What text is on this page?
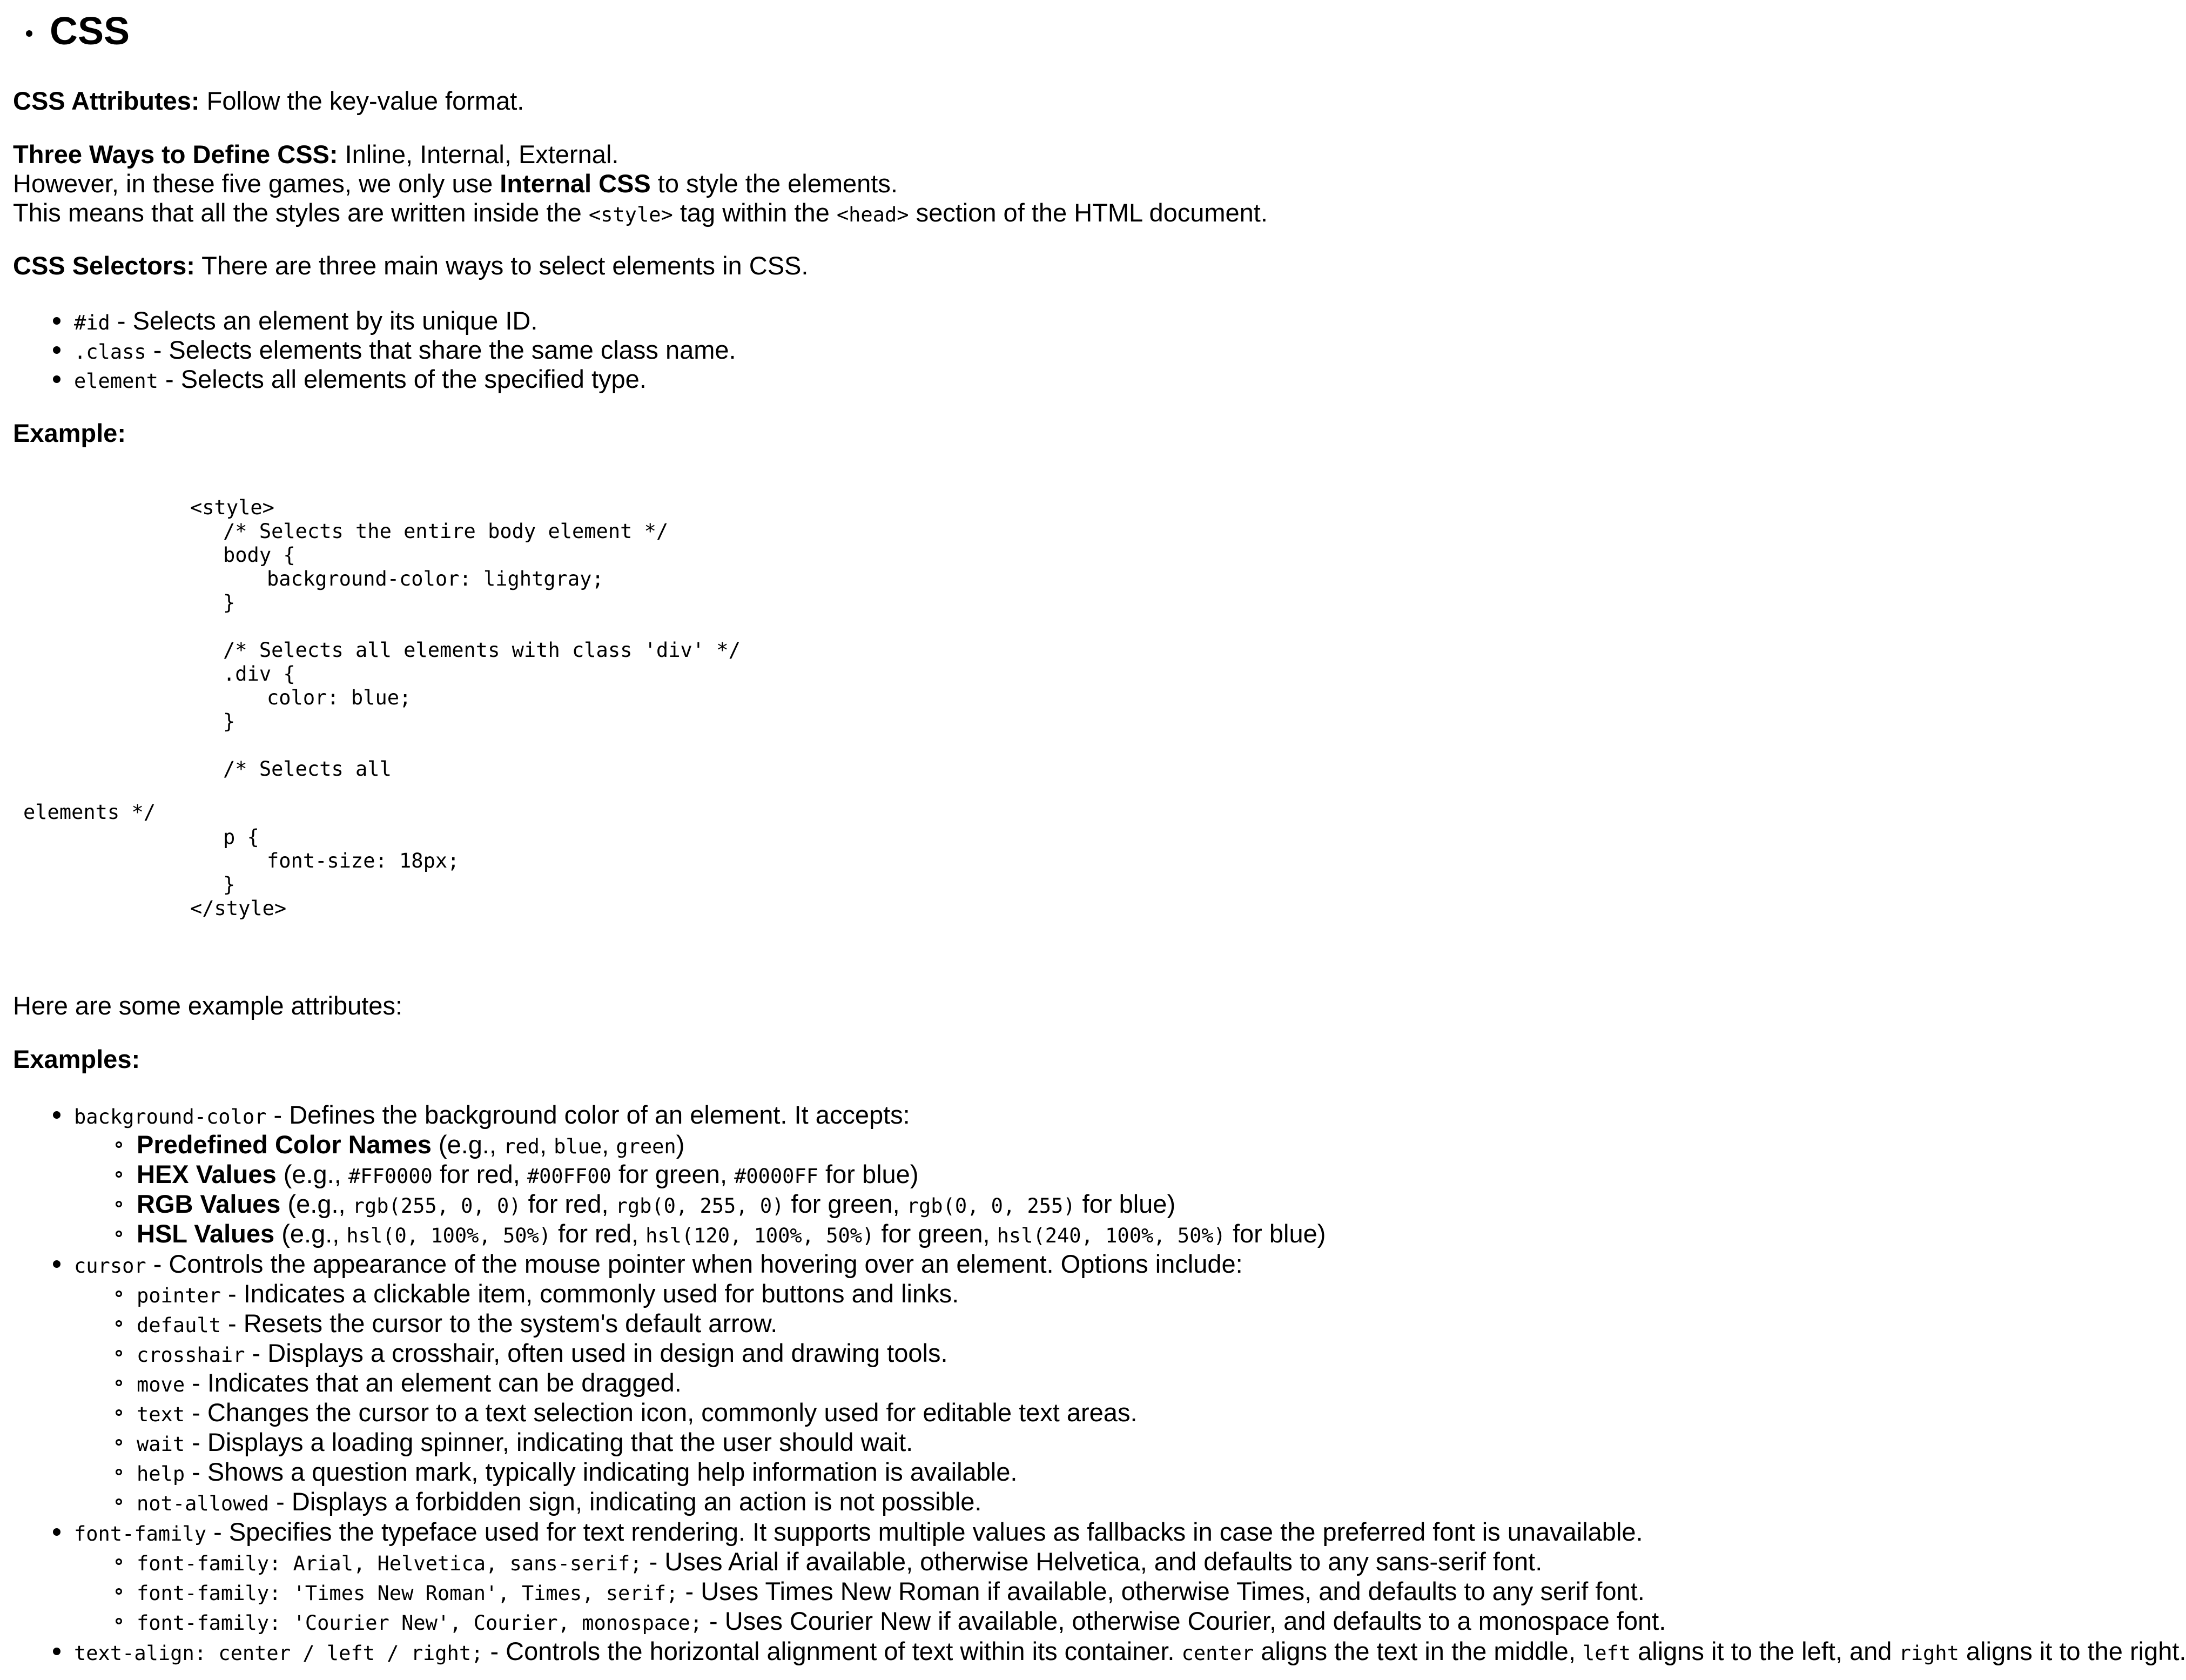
CSS
CSS Attributes: Follow the key-value format.
Three Ways to Define CSS: Inline, Internal, External.
However, in these five games, we only use Internal CSS to style the elements.
This means that all the styles are written inside the <style> tag within the <head> section of the HTML document.
CSS Selectors: There are three main ways to select elements in CSS.
#id - Selects an element by its unique ID.
.class - Selects elements that share the same class name.
element - Selects all elements of the specified type.
Example:
<style>
/* Selects the entire body element */
body {
background-color: lightgray;
}
/* Selects all elements with class 'div' */
.div {
color: blue;
}
/* Selects all
elements */
p {
font-size: 18px;
}
</style>
Here are some example attributes:
Examples:
background-color - Defines the background color of an element. It accepts:
Predefined Color Names (e.g., red, blue, green)
HEX Values (e.g., #FF0000 for red, #00FF00 for green, #0000FF for blue)
RGB Values (e.g., rgb(255, 0, 0) for red, rgb(0, 255, 0) for green, rgb(0, 0, 255) for blue)
HSL Values (e.g., hsl(0, 100%, 50%) for red, hsl(120, 100%, 50%) for green, hsl(240, 100%, 50%) for blue)
cursor - Controls the appearance of the mouse pointer when hovering over an element. Options include:
pointer - Indicates a clickable item, commonly used for buttons and links.
default - Resets the cursor to the system's default arrow.
crosshair - Displays a crosshair, often used in design and drawing tools.
move - Indicates that an element can be dragged.
text - Changes the cursor to a text selection icon, commonly used for editable text areas.
wait - Displays a loading spinner, indicating that the user should wait.
help - Shows a question mark, typically indicating help information is available.
not-allowed - Displays a forbidden sign, indicating an action is not possible.
font-family - Specifies the typeface used for text rendering. It supports multiple values as fallbacks in case the preferred font is unavailable.
font-family: Arial, Helvetica, sans-serif; - Uses Arial if available, otherwise Helvetica, and defaults to any sans-serif font.
font-family: 'Times New Roman', Times, serif; - Uses Times New Roman if available, otherwise Times, and defaults to any serif font.
font-family: 'Courier New', Courier, monospace; - Uses Courier New if available, otherwise Courier, and defaults to a monospace font.
text-align: center / left / right; - Controls the horizontal alignment of text within its container. center aligns the text in the middle, left aligns it to the left, and right aligns it to the right.
